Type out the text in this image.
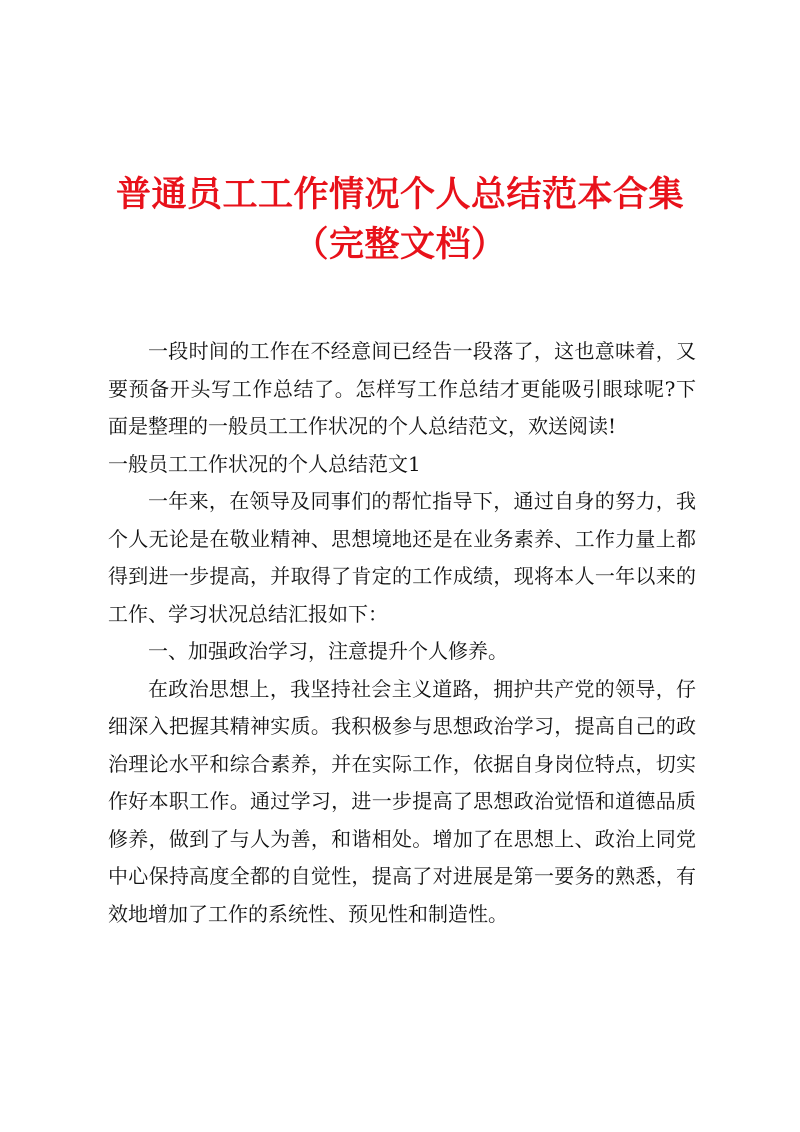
普通员工工作情况个人总结范本合集（完整文档）

一段时间的工作在不经意间已经告一段落了，这也意味着，又要预备开头写工作总结了。怎样写工作总结才更能吸引眼球呢?下面是整理的一般员工工作状况的个人总结范文，欢送阅读!

一般员工工作状况的个人总结范文1

一年来，在领导及同事们的帮忙指导下，通过自身的努力，我个人无论是在敬业精神、思想境地还是在业务素养、工作力量上都得到进一步提高，并取得了肯定的工作成绩，现将本人一年以来的工作、学习状况总结汇报如下：

一、加强政治学习，注意提升个人修养。

在政治思想上，我坚持社会主义道路，拥护共产党的领导，仔细深入把握其精神实质。我积极参与思想政治学习，提高自己的政治理论水平和综合素养，并在实际工作，依据自身岗位特点，切实作好本职工作。通过学习，进一步提高了思想政治觉悟和道德品质修养，做到了与人为善，和谐相处。增加了在思想上、政治上同党中心保持高度全都的自觉性，提高了对进展是第一要务的熟悉，有效地增加了工作的系统性、预见性和制造性。
